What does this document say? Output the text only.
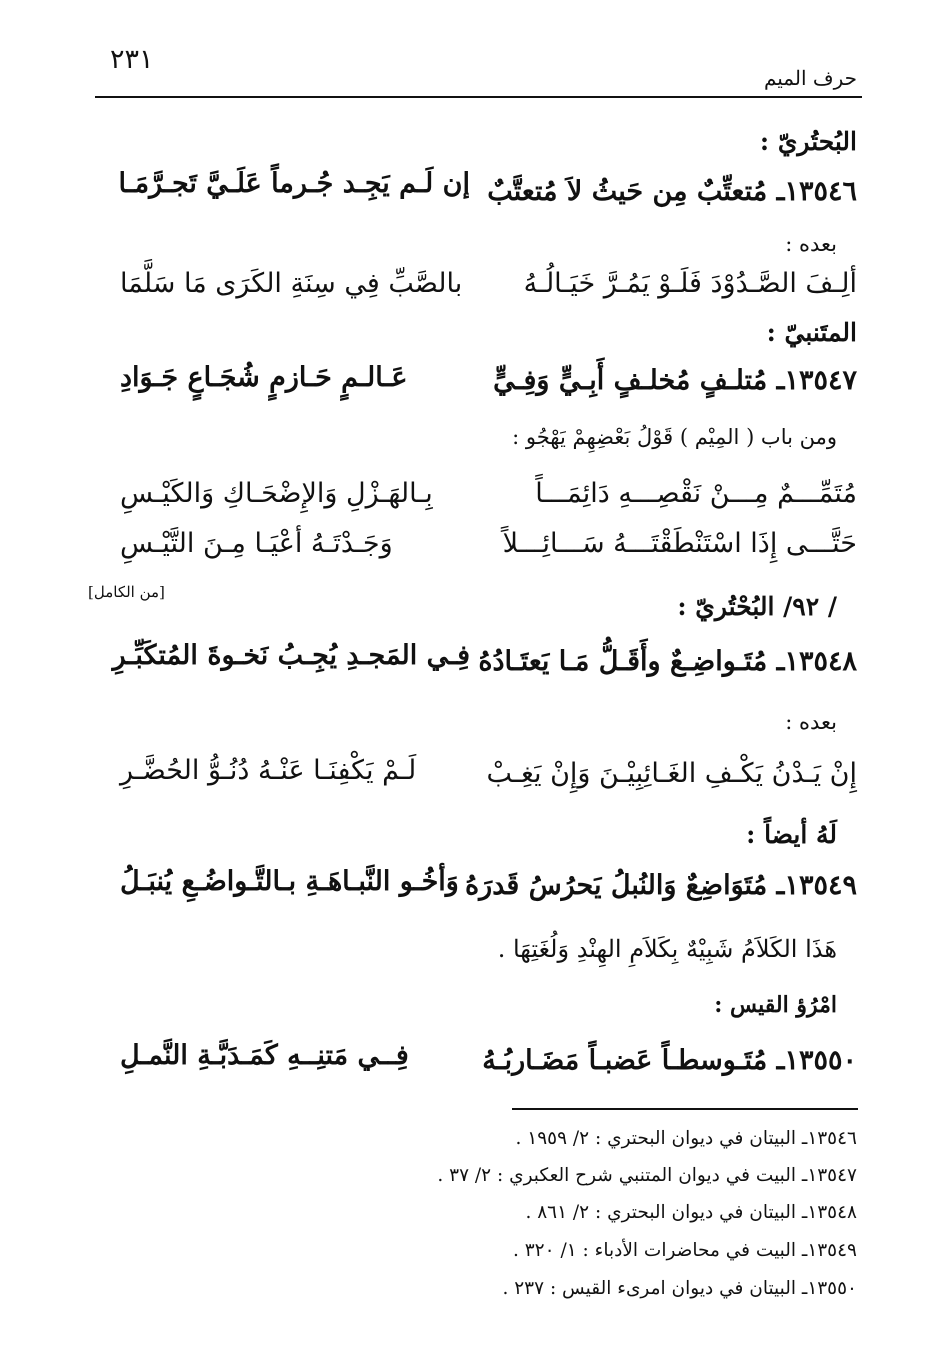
٢٣١
حرف الميم
البُحتُريّ :
١٣٥٤٦ـ مُتعتِّبٌ مِن حَيثُ لاَ مُتعتَّبٌ
إن لَـم يَجِـد جُـرماً عَلَـيَّ تَجـرَّمَـا
بعده :
ألِـفَ الصَّـدُوْدَ فَلَـوْ يَمُـرَّ خَيَـالُـهُ
بالصَّبِّ فِي سِنَةِ الكَرَى مَا سَلَّمَا
المتَنبيّ :
١٣٥٤٧ـ مُتلـفٍ مُخلـفٍ أَبِـيٍّ وَفِـيٍّ
عَـالـمٍ حَـازمٍ شُجَـاعٍ جَـوَادِ
ومن باب ( المِيْم ) قَوْلُ بَعْضِهِمْ يَهْجُو :
مُتَمِّـــمٌ مِـــنْ نَقْصِـــهِ دَائِمَـــاً
بِـالهَـزْلِ وَالإِضْحَـاكِ وَالكَيْـسِ
حَتَّـــى إِذَا اسْتَنْطَقْتَـــهُ سَـــائِـــلاً
وَجَـدْتَـهُ أعْيَـا مِـنَ التَّيْـسِ
/ ٩٢/ البُحْتُريّ :
[من الكامل]
١٣٥٤٨ـ مُتَـواضِـعٌ وأَقَـلُّ مَـا يَعتَـادُهُ
فِـي المَجـدِ يُجِـبُ نَخـوةَ المُتكَبِّـرِ
بعده :
إِنْ يَـدْنُ يَكْـفِ الغَـائِبِيْـنَ وَإِنْ يَغِـبْ
لَـمْ يَكْفِنَـا عَنْـهُ دُنُـوُّ الحُضَّـرِ
لَهُ أيضاً :
١٣٥٤٩ـ مُتَوَاضِعٌ وَالنُبلُ يَحرُسُ قَدرَهُ
وَأخُـو النَّبـاهَـةِ بـالتَّـواضُـعِ يُنبَـلُ
هَذَا الكَلاَمُ شَبِيْهٌ بِكَلاَمِ الهِنْدِ وَلُغَتِهَا .
امْرُؤ القيس :
١٣٥٥٠ـ مُتَـوسطـاً عَضبـاً مَضَـاربُـهُ
فِــي مَتنِــهِ كَمَـدَبَّـةِ النَّمـلِ
١٣٥٤٦ـ البيتان في ديوان البحتري : ٢/ ١٩٥٩ .
١٣٥٤٧ـ البيت في ديوان المتنبي شرح العكبري : ٢/ ٣٧ .
١٣٥٤٨ـ البيتان في ديوان البحتري : ٢/ ٨٦١ .
١٣٥٤٩ـ البيت في محاضرات الأدباء : ١/ ٣٢٠ .
١٣٥٥٠ـ البيتان في ديوان امرىء القيس : ٢٣٧ .
